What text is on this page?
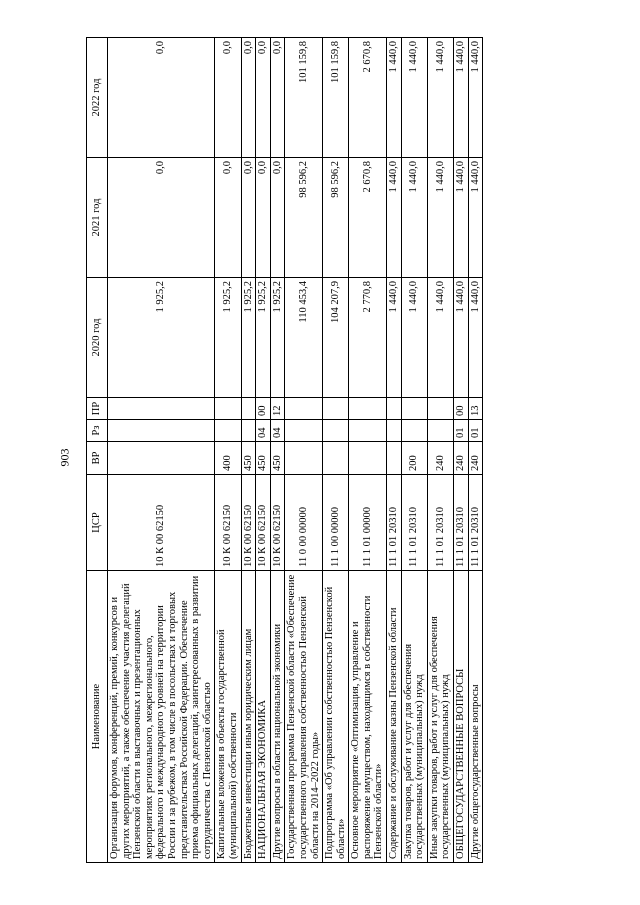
903
Наименование	ЦСР	ВР	Рз	ПР	2020 год	2021 год	2022 год
Организация форумов, конференций, премий, конкурсов и других мероприятий, а также обеспечение участия делегаций Пензенской области в выставочных и презентационных мероприятиях регионального, межрегионального, федерального и международного уровней на территории России и за рубежом, в том числе в посольствах и торговых представительствах Российской Федерации. Обеспечение приема официальных делегаций, заинтересованных в развитии сотрудничества с Пензенской областью	10 К 00 62150				1 925,2	0,0	0,0
Капитальные вложения в объекты государственной (муниципальной) собственности	10 К 00 62150	400			1 925,2	0,0	0,0
Бюджетные инвестиции иным юридическим лицам	10 К 00 62150	450			1 925,2	0,0	0,0
НАЦИОНАЛЬНАЯ ЭКОНОМИКА	10 К 00 62150	450	04	00	1 925,2	0,0	0,0
Другие вопросы в области национальной экономики	10 К 00 62150	450	04	12	1 925,2	0,0	0,0
Государственная программа Пензенской области «Обеспечение государственного управления собственностью Пензенской области на 2014–2022 годы»	11 0 00 00000				110 453,4	98 596,2	101 159,8
Подпрограмма «Об управлении собственностью Пензенской области»	11 1 00 00000				104 207,9	98 596,2	101 159,8
Основное мероприятие «Оптимизация, управление и распоряжение имуществом, находящимся в собственности Пензенской области»	11 1 01 00000				2 770,8	2 670,8	2 670,8
Содержание и обслуживание казны Пензенской области	11 1 01 20310				1 440,0	1 440,0	1 440,0
Закупка товаров, работ и услуг для обеспечения государственных (муниципальных) нужд	11 1 01 20310	200			1 440,0	1 440,0	1 440,0
Иные закупки товаров, работ и услуг для обеспечения государственных (муниципальных) нужд	11 1 01 20310	240			1 440,0	1 440,0	1 440,0
ОБЩЕГОСУДАРСТВЕННЫЕ ВОПРОСЫ	11 1 01 20310	240	01	00	1 440,0	1 440,0	1 440,0
Другие общегосударственные вопросы	11 1 01 20310	240	01	13	1 440,0	1 440,0	1 440,0
